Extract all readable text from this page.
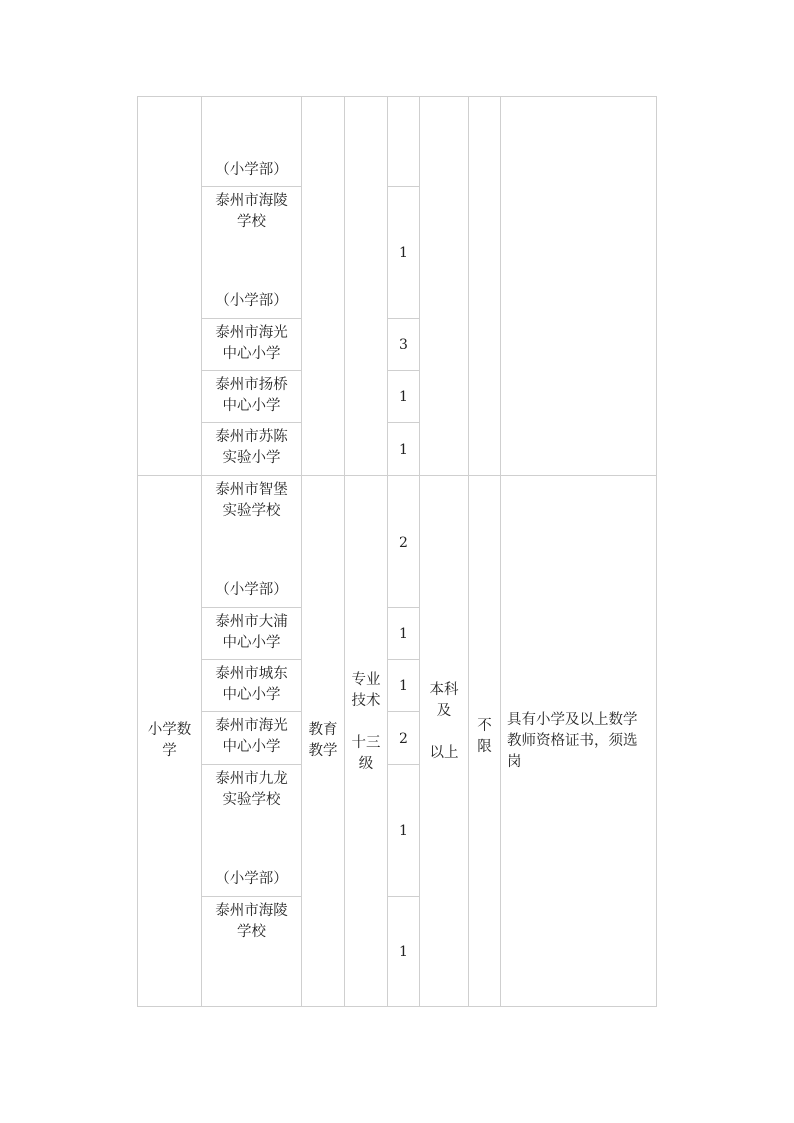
（小学部）
泰州市海陵
学校
（小学部）
1
泰州市海光
中心小学
3
泰州市扬桥
中心小学
1
泰州市苏陈
实验小学	1
小学数
学
教育
教学
专业
技术

十三
级
本科
及

以上
不
限
具有小学及以上数学教师资格证书，须选岗
泰州市智堡
实验学校
（小学部）
2
泰州市大浦
中心小学
1
泰州市城东
中心小学
1
泰州市海光
中心小学	2
泰州市九龙
实验学校
（小学部）
1
泰州市海陵
学校
1
